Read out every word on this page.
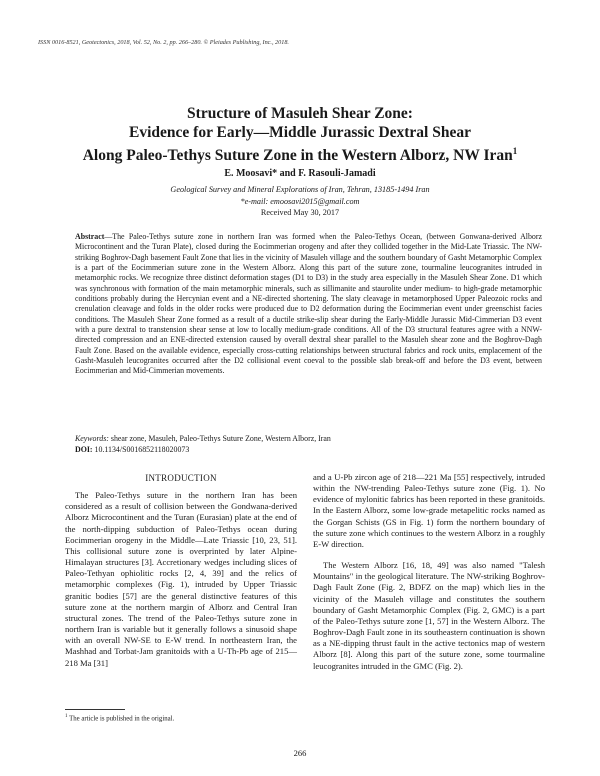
ISSN 0016-8521, Geotectonics, 2018, Vol. 52, No. 2, pp. 266–280. © Pleiades Publishing, Inc., 2018.
Structure of Masuleh Shear Zone:
Evidence for Early—Middle Jurassic Dextral Shear
Along Paleo-Tethys Suture Zone in the Western Alborz, NW Iran$^1$
E. Moosavi* and F. Rasouli-Jamadi
Geological Survey and Mineral Explorations of Iran, Tehran, 13185-1494 Iran
*e-mail: emoosavi2015@gmail.com
Received May 30, 2017
Abstract—The Paleo-Tethys suture zone in northern Iran was formed when the Paleo-Tethys Ocean, (between Gonwana-derived Alborz Microcontinent and the Turan Plate), closed during the Eocimmerian orogeny and after they collided together in the Mid-Late Triassic. The NW-striking Boghrov-Dagh basement Fault Zone that lies in the vicinity of Masuleh village and the southern boundary of Gasht Metamorphic Complex is a part of the Eocimmerian suture zone in the Western Alborz. Along this part of the suture zone, tourmaline leucogranites intruded in metamorphic rocks. We recognize three distinct deformation stages (D1 to D3) in the study area especially in the Masuleh Shear Zone. D1 which was synchronous with formation of the main metamorphic minerals, such as sillimanite and staurolite under medium- to high-grade metamorphic conditions probably during the Hercynian event and a NE-directed shortening. The slaty cleavage in metamorphosed Upper Paleozoic rocks and crenulation cleavage and folds in the older rocks were produced due to D2 deformation during the Eocimmerian event under greenschist facies conditions. The Masuleh Shear Zone formed as a result of a ductile strike-slip shear during the Early-Middle Jurassic Mid-Cimmerian D3 event with a pure dextral to transtension shear sense at low to locally medium-grade conditions. All of the D3 structural features agree with a NNW-directed compression and an ENE-directed extension caused by overall dextral shear parallel to the Masuleh shear zone and the Boghrov-Dagh Fault Zone. Based on the available evidence, especially cross-cutting relationships between structural fabrics and rock units, emplacement of the Gasht-Masuleh leucogranites occurred after the D2 collisional event coeval to the possible slab break-off and before the D3 event, between Eocimmerian and Mid-Cimmerian movements.
Keywords: shear zone, Masuleh, Paleo-Tethys Suture Zone, Western Alborz, Iran
DOI: 10.1134/S0016852118020073
INTRODUCTION

The Paleo-Tethys suture in the northern Iran has been considered as a result of collision between the Gondwana-derived Alborz Microcontinent and the Turan (Eurasian) plate at the end of the north-dipping subduction of Paleo-Tethys ocean during Eocimmerian orogeny in the Middle—Late Triassic [10, 23, 51]. This collisional suture zone is overprinted by later Alpine-Himalayan structures [3]. Accretionary wedges including slices of Paleo-Tethyan ophiolitic rocks [2, 4, 39] and the relics of metamorphic complexes (Fig. 1), intruded by Upper Triassic granitic bodies [57] are the general distinctive features of this suture zone at the northern margin of Alborz and Central Iran structural zones. The trend of the Paleo-Tethys suture zone in northern Iran is variable but it generally follows a sinusoid shape with an overall NW-SE to E-W trend. In northeastern Iran, the Mashhad and Torbat-Jam granitoids with a U-Th-Pb age of 215—218 Ma [31]

and a U-Pb zircon age of 218—221 Ma [55] respectively, intruded within the NW-trending Paleo-Tethys suture zone (Fig. 1). No evidence of mylonitic fabrics has been reported in these granitoids. In the Eastern Alborz, some low-grade metapelitic rocks named as the Gorgan Schists (GS in Fig. 1) form the northern boundary of the suture zone which continues to the western Alborz in a roughly E-W direction.

The Western Alborz [16, 18, 49] was also named "Talesh Mountains" in the geological literature. The NW-striking Boghrov-Dagh Fault Zone (Fig. 2, BDFZ on the map) which lies in the vicinity of the Masuleh village and constitutes the southern boundary of Gasht Metamorphic Complex (Fig. 2, GMC) is a part of the Paleo-Tethys suture zone [1, 57] in the Western Alborz. The Boghrov-Dagh Fault zone in its southeastern continuation is shown as a NE-dipping thrust fault in the active tectonics map of western Alborz [8]. Along this part of the suture zone, some tourmaline leucogranites intruded in the GMC (Fig. 2).

$^1$ The article is published in the original.
266
